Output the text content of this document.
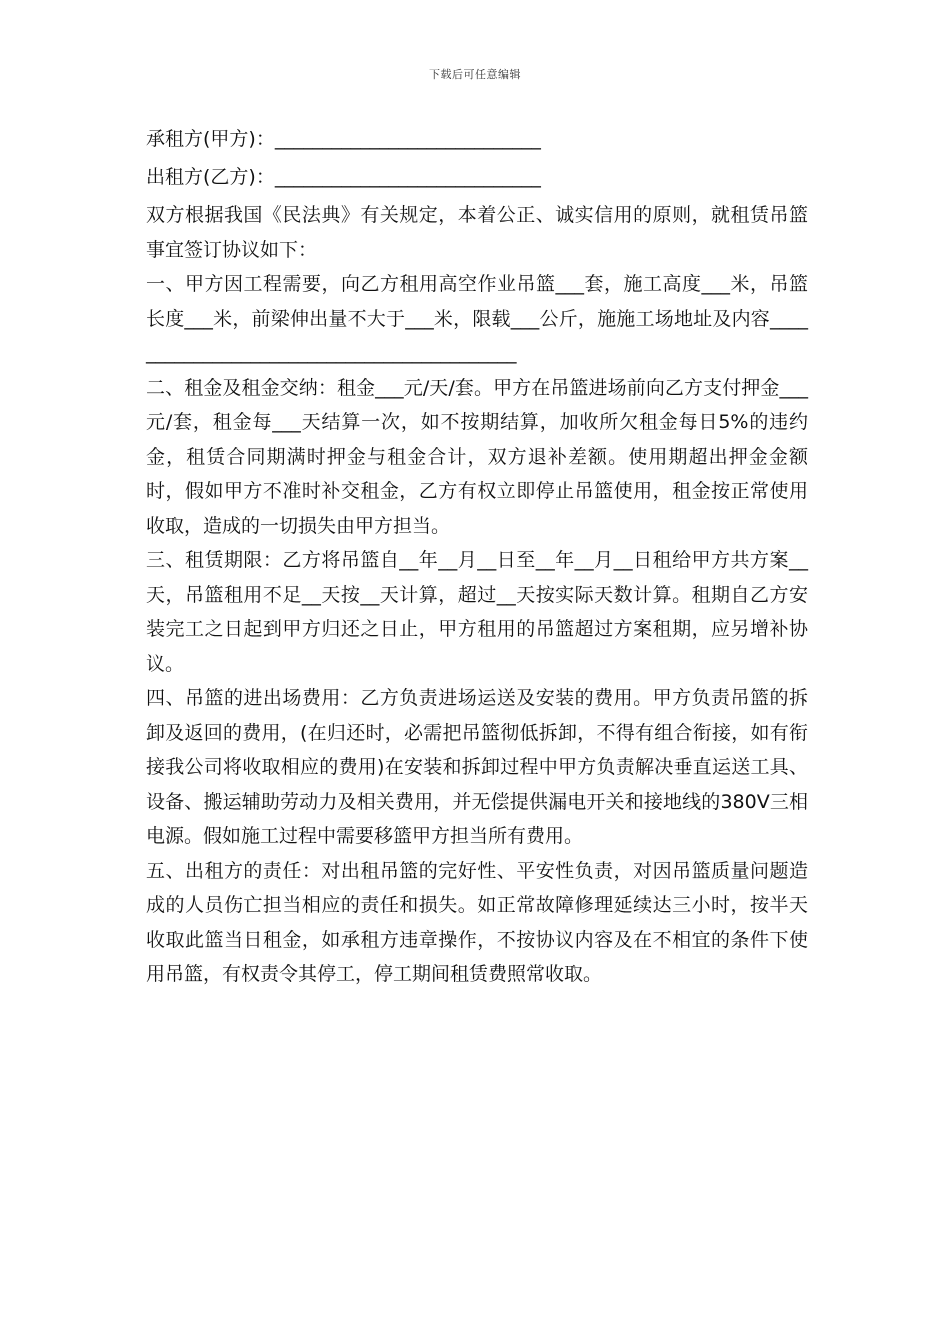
下载后可任意编辑
承租方(甲方)：____________________________
出租方(乙方)：____________________________

双方根据我国《民法典》有关规定，本着公正、诚实信用的原则，就租赁吊篮事宜签订协议如下：

一、甲方因工程需要，向乙方租用高空作业吊篮___套，施工高度___米，吊篮长度___米，前梁伸出量不大于___米，限载___公斤，施施工场地址及内容___________________________________________

二、租金及租金交纳：租金___元/天/套。甲方在吊篮进场前向乙方支付押金___元/套，租金每___天结算一次，如不按期结算，加收所欠租金每日5%的违约金，租赁合同期满时押金与租金合计，双方退补差额。使用期超出押金金额时，假如甲方不准时补交租金，乙方有权立即停止吊篮使用，租金按正常使用收取，造成的一切损失由甲方担当。

三、租赁期限：乙方将吊篮自__年__月__日至__年__月__日租给甲方共方案__天，吊篮租用不足__天按__天计算，超过__天按实际天数计算。租期自乙方安装完工之日起到甲方归还之日止，甲方租用的吊篮超过方案租期，应另增补协议。

四、吊篮的进出场费用：乙方负责进场运送及安装的费用。甲方负责吊篮的拆卸及返回的费用，(在归还时，必需把吊篮彻低拆卸，不得有组合衔接，如有衔接我公司将收取相应的费用)在安装和拆卸过程中甲方负责解决垂直运送工具、设备、搬运辅助劳动力及相关费用，并无偿提供漏电开关和接地线的380V三相电源。假如施工过程中需要移篮甲方担当所有费用。

五、出租方的责任：对出租吊篮的完好性、平安性负责，对因吊篮质量问题造成的人员伤亡担当相应的责任和损失。如正常故障修理延续达三小时，按半天收取此篮当日租金，如承租方违章操作，不按协议内容及在不相宜的条件下使用吊篮，有权责令其停工，停工期间租赁费照常收取。
